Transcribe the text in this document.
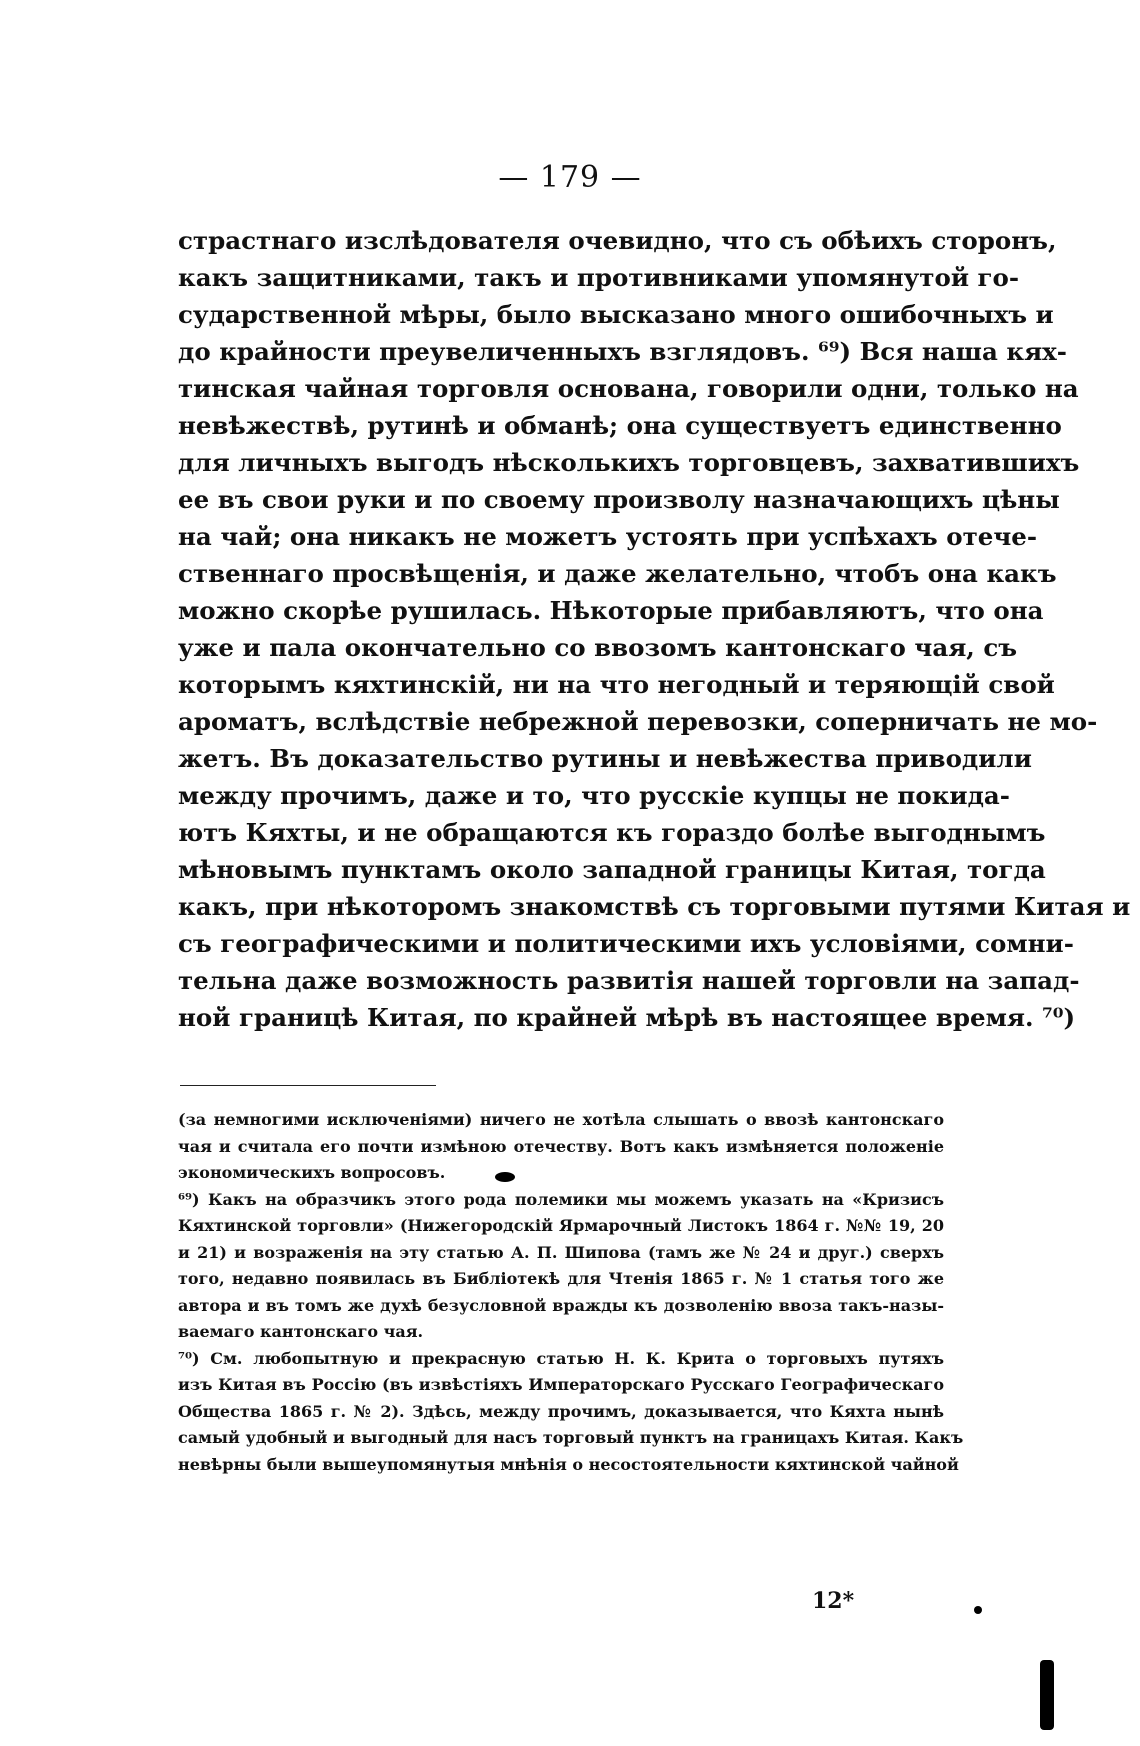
— 179 —
страстнаго изслѣдователя очевидно, что съ обѣихъ сторонъ,
какъ защитниками, такъ и противниками упомянутой го-
сударственной мѣры, было высказано много ошибочныхъ и
до крайности преувеличенныхъ взглядовъ. ⁶⁹) Вся наша кях-
тинская чайная торговля основана, говорили одни, только на
невѣжествѣ, рутинѣ и обманѣ; она существуетъ единственно
для личныхъ выгодъ нѣсколькихъ торговцевъ, захватившихъ
ее въ свои руки и по своему произволу назначающихъ цѣны
на чай; она никакъ не можетъ устоять при успѣхахъ отече-
ственнаго просвѣщенія, и даже желательно, чтобъ она какъ
можно скорѣе рушилась. Нѣкоторые прибавляютъ, что она
уже и пала окончательно со ввозомъ кантонскаго чая, съ
которымъ кяхтинскій, ни на что негодный и теряющій свой
ароматъ, вслѣдствіе небрежной перевозки, соперничать не мо-
жетъ. Въ доказательство рутины и невѣжества приводили
между прочимъ, даже и то, что русскіе купцы не покида-
ютъ Кяхты, и не обращаются къ гораздо болѣе выгоднымъ
мѣновымъ пунктамъ около западной границы Китая, тогда
какъ, при нѣкоторомъ знакомствѣ съ торговыми путями Китая и
съ географическими и политическими ихъ условіями, сомни-
тельна даже возможность развитія нашей торговли на запад-
ной границѣ Китая, по крайней мѣрѣ въ настоящее время. ⁷⁰)
(за немногими исключеніями) ничего не хотѣла слышать о ввозѣ кантонскаго
чая и считала его почти измѣною отечеству. Вотъ какъ измѣняется положеніе
экономическихъ вопросовъ.
⁶⁹) Какъ на образчикъ этого рода полемики мы можемъ указать на «Кризисъ
Кяхтинской торговли» (Нижегородскій Ярмарочный Листокъ 1864 г. №№ 19, 20
и 21) и возраженія на эту статью А. П. Шипова (тамъ же № 24 и друг.) сверхъ
того, недавно появилась въ Библіотекѣ для Чтенія 1865 г. № 1 статья того же
автора и въ томъ же духѣ безусловной вражды къ дозволенію ввоза такъ-назы-
ваемаго кантонскаго чая.
⁷⁰) См. любопытную и прекрасную статью Н. К. Крита о торговыхъ путяхъ
изъ Китая въ Россію (въ извѣстіяхъ Императорскаго Русскаго Географическаго
Общества 1865 г. № 2). Здѣсь, между прочимъ, доказывается, что Кяхта нынѣ
самый удобный и выгодный для насъ торговый пунктъ на границахъ Китая. Какъ
невѣрны были вышеупомянутыя мнѣнія о несостоятельности кяхтинской чайной
12*
